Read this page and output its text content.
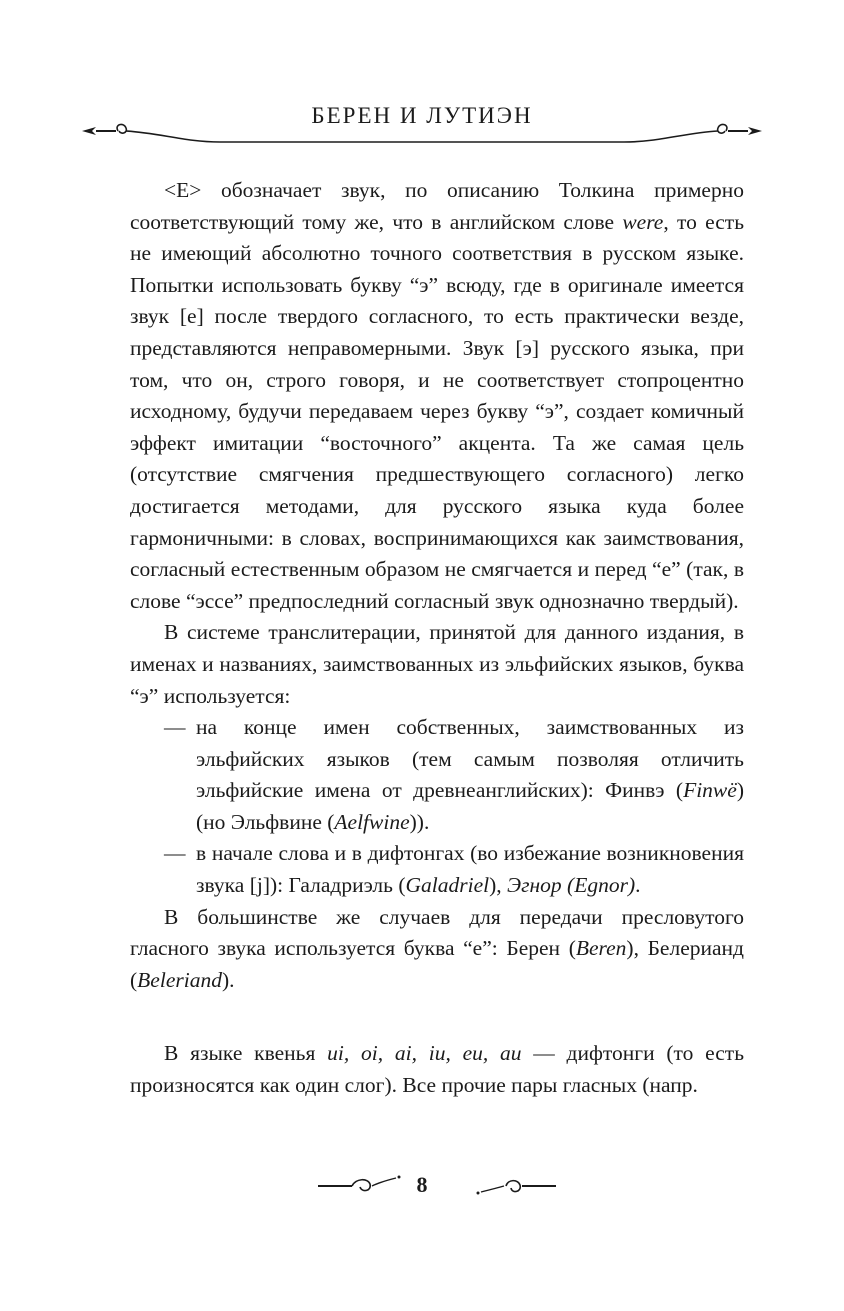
БЕРЕН И ЛУТИЭН

<E> обозначает звук, по описанию Толкина примерно соответствующий тому же, что в английском слове were, то есть не имеющий абсолютно точного соответствия в русском языке. Попытки использовать букву “э” всюду, где в оригинале имеется звук [е] после твердого согласного, то есть практически везде, представляются неправомерными. Звук [э] русского языка, при том, что он, строго говоря, и не соответствует стопроцентно исходному, будучи передаваем через букву “э”, создает комичный эффект имитации “восточного” акцента. Та же самая цель (отсутствие смягчения предшествующего согласного) легко достигается методами, для русского языка куда более гармоничными: в словах, воспринимающихся как заимствования, согласный естественным образом не смягчается и перед “е” (так, в слове “эссе” предпоследний согласный звук однозначно твердый).

В системе транслитерации, принятой для данного издания, в именах и названиях, заимствованных из эльфийских языков, буква “э” используется:

— на конце имен собственных, заимствованных из эльфийских языков (тем самым позволяя отличить эльфийские имена от древнеанглийских): Финвэ (Finwë) (но Эльфвине (Aelfwine)).
— в начале слова и в дифтонгах (во избежание возникновения звука [j]): Галадриэль (Galadriel), Эгнор (Egnor).

В большинстве же случаев для передачи пресловутого гласного звука используется буква “е”: Берен (Beren), Белерианд (Beleriand).

В языке квенья ui, oi, ai, iu, eu, au — дифтонги (то есть произносятся как один слог). Все прочие пары гласных (напр.

8
